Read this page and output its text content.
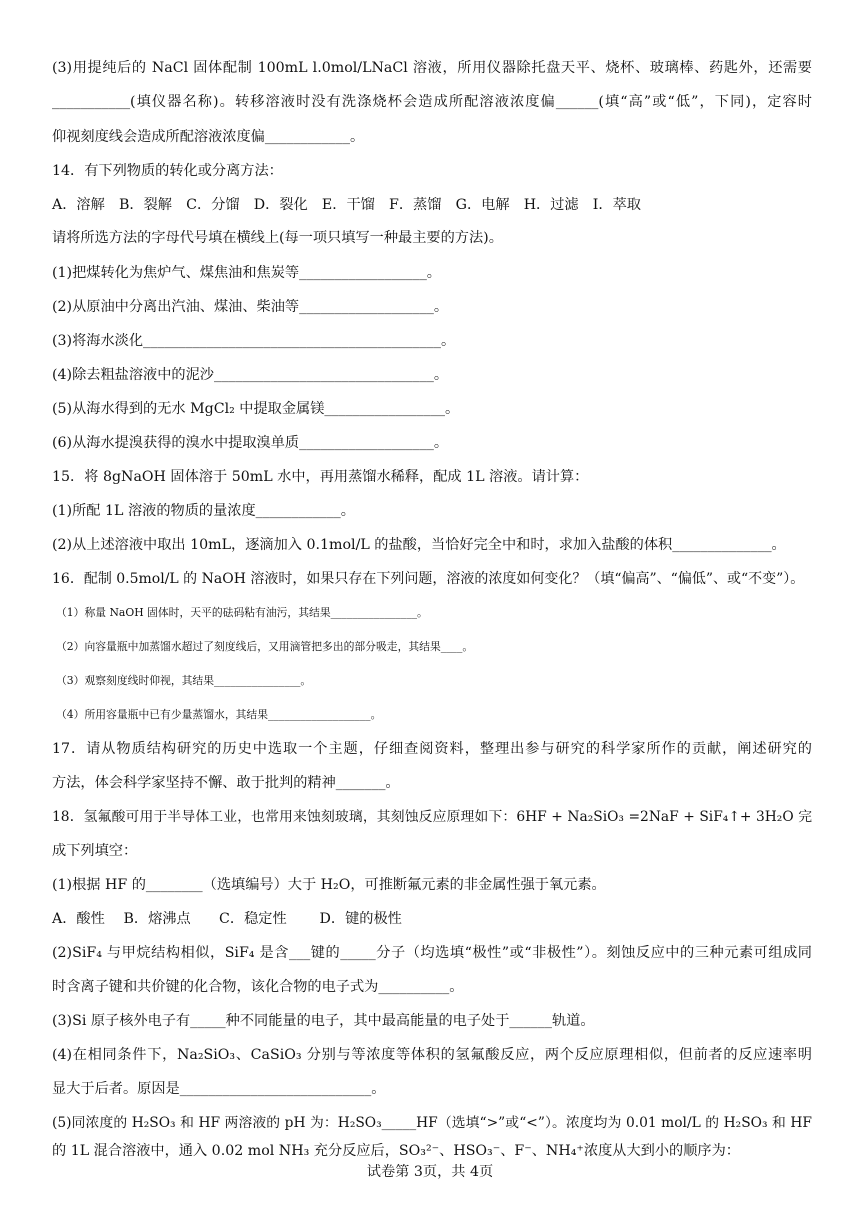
(3)用提纯后的 NaCl 固体配制 100mL l.0mol/LNaCl 溶液，所用仪器除托盘天平、烧杯、玻璃棒、药匙外，还需要
___________(填仪器名称)。转移溶液时没有洗涤烧杯会造成所配溶液浓度偏______(填“高”或“低”，下同)，定容时
仰视刻度线会造成所配溶液浓度偏____________。
14．有下列物质的转化或分离方法：
A．溶解　B．裂解　C．分馏　D．裂化　E．干馏　F．蒸馏　G．电解　H．过滤　I．萃取
请将所选方法的字母代号填在横线上(每一项只填写一种最主要的方法)。
(1)把煤转化为焦炉气、煤焦油和焦炭等__________________。
(2)从原油中分离出汽油、煤油、柴油等___________________。
(3)将海水淡化__________________________________________。
(4)除去粗盐溶液中的泥沙_______________________________。
(5)从海水得到的无水 MgCl₂ 中提取金属镁_________________。
(6)从海水提溴获得的溴水中提取溴单质___________________。
15．将 8gNaOH 固体溶于 50mL 水中，再用蒸馏水稀释，配成 1L 溶液。请计算：
(1)所配 1L 溶液的物质的量浓度____________。
(2)从上述溶液中取出 10mL，逐滴加入 0.1mol/L 的盐酸，当恰好完全中和时，求加入盐酸的体积______________。
16．配制 0.5mol/L 的 NaOH 溶液时，如果只存在下列问题，溶液的浓度如何变化？（填“偏高”、“偏低”、或“不变”）。
（1）称量 NaOH 固体时，天平的砝码粘有油污，其结果________________。
（2）向容量瓶中加蒸馏水超过了刻度线后，又用滴管把多出的部分吸走，其结果____。
（3）观察刻度线时仰视，其结果________________。
（4）所用容量瓶中已有少量蒸馏水，其结果___________________。
17．请从物质结构研究的历史中选取一个主题，仔细查阅资料，整理出参与研究的科学家所作的贡献，阐述研究的
方法，体会科学家坚持不懈、敢于批判的精神_______。
18．氢氟酸可用于半导体工业，也常用来蚀刻玻璃，其刻蚀反应原理如下：6HF + Na₂SiO₃ =2NaF + SiF₄↑+ 3H₂O 完
成下列填空：
(1)根据 HF 的________（选填编号）大于 H₂O，可推断氟元素的非金属性强于氧元素。
A．酸性　 B．熔沸点　　C．稳定性　　 D．键的极性
(2)SiF₄ 与甲烷结构相似，SiF₄ 是含___键的_____分子（均选填“极性”或“非极性”）。刻蚀反应中的三种元素可组成同
时含离子键和共价键的化合物，该化合物的电子式为__________。
(3)Si 原子核外电子有_____种不同能量的电子，其中最高能量的电子处于______轨道。
(4)在相同条件下，Na₂SiO₃、CaSiO₃ 分别与等浓度等体积的氢氟酸反应，两个反应原理相似，但前者的反应速率明
显大于后者。原因是___________________________。
(5)同浓度的 H₂SO₃ 和 HF 两溶液的 pH 为：H₂SO₃_____HF（选填“>”或“<”）。浓度均为 0.01 mol/L 的 H₂SO₃ 和 HF
的 1L 混合溶液中，通入 0.02 mol NH₃ 充分反应后，SO₃²⁻、HSO₃⁻、F⁻、NH₄⁺浓度从大到小的顺序为：
试卷第 3页，共 4页
